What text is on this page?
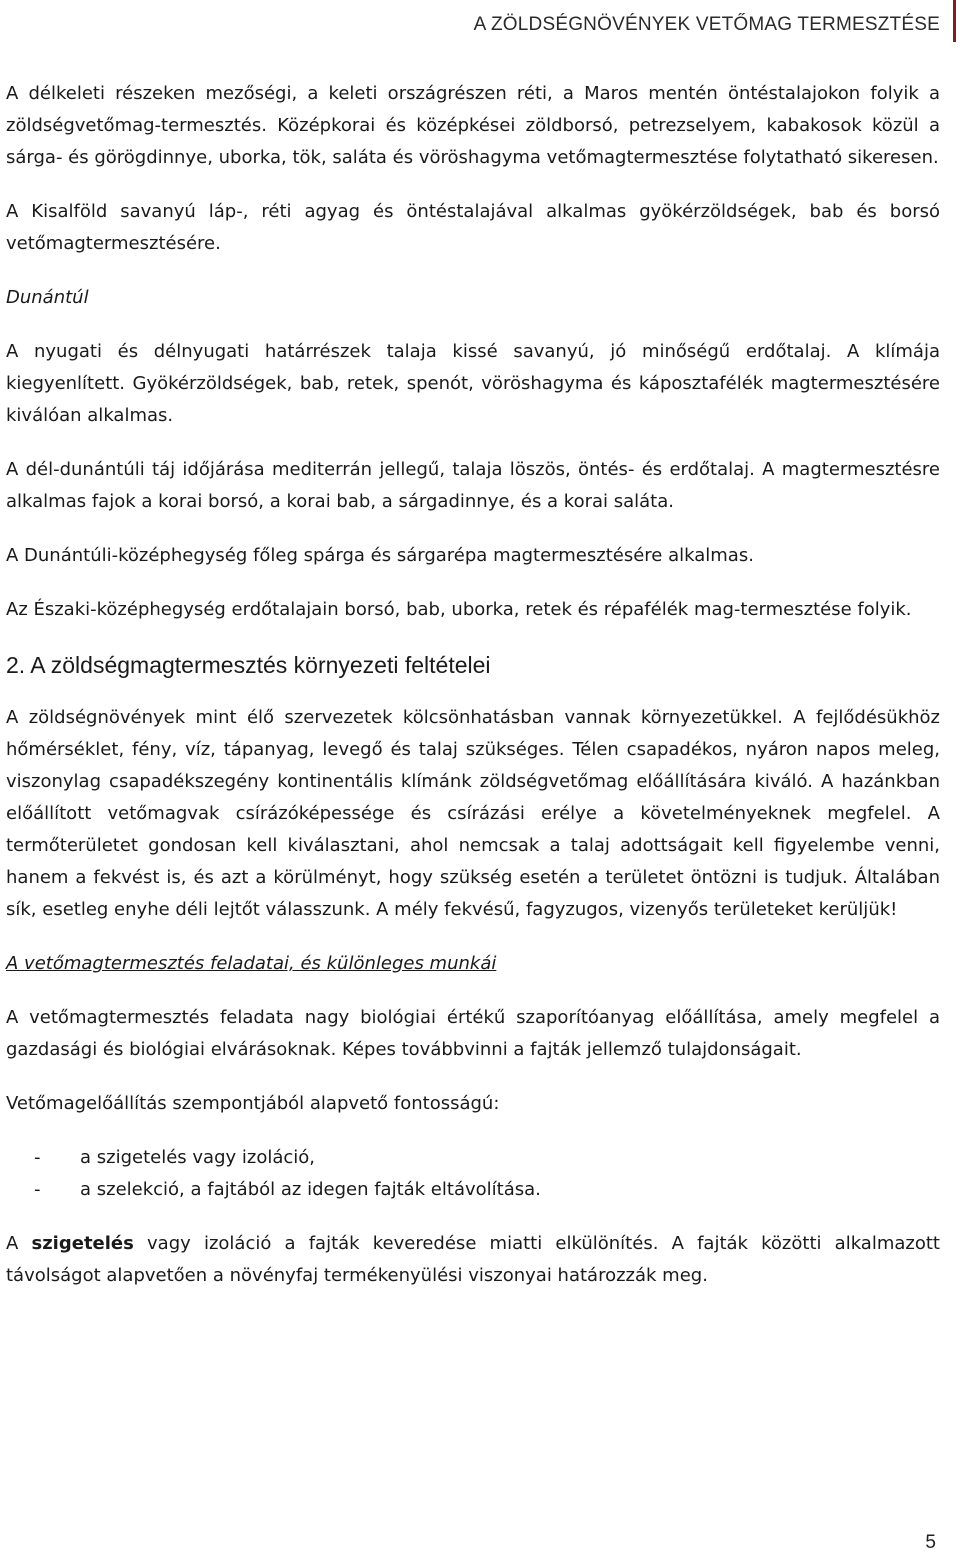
A ZÖLDSÉGNÖVÉNYEK VETŐMAG TERMESZTÉSE

A délkeleti részeken mezőségi, a keleti országrészen réti, a Maros mentén öntéstalajokon folyik a zöldségvetőmag-termesztés. Középkorai és középkései zöldborsó, petrezselyem, kabakosok közül a sárga- és görögdinnye, uborka, tök, saláta és vöröshagyma vetőmagtermesztése folytatható sikeresen.

A Kisalföld savanyú láp-, réti agyag és öntéstalajával alkalmas gyökérzöldségek, bab és borsó vetőmagtermesztésére.

Dunántúl

A nyugati és délnyugati határrészek talaja kissé savanyú, jó minőségű erdőtalaj. A klímája kiegyenlített. Gyökérzöldségek, bab, retek, spenót, vöröshagyma és káposztafélék magtermesztésére kiválóan alkalmas.

A dél-dunántúli táj időjárása mediterrán jellegű, talaja löszös, öntés- és erdőtalaj. A magtermesztésre alkalmas fajok a korai borsó, a korai bab, a sárgadinnye, és a korai saláta.

A Dunántúli-középhegység főleg spárga és sárgarépa magtermesztésére alkalmas.

Az Északi-középhegység erdőtalajain borsó, bab, uborka, retek és répafélék mag-termesztése folyik.

2. A zöldségmagtermesztés környezeti feltételei

A zöldségnövények mint élő szervezetek kölcsönhatásban vannak környezetükkel. A fejlődésükhöz hőmérséklet, fény, víz, tápanyag, levegő és talaj szükséges. Télen csapadékos, nyáron napos meleg, viszonylag csapadékszegény kontinentális klímánk zöldségvetőmag előállítására kiváló. A hazánkban előállított vetőmagvak csírázóképessége és csírázási erélye a követelményeknek megfelel. A termőterületet gondosan kell kiválasztani, ahol nemcsak a talaj adottságait kell figyelembe venni, hanem a fekvést is, és azt a körülményt, hogy szükség esetén a területet öntözni is tudjuk. Általában sík, esetleg enyhe déli lejtőt válasszunk. A mély fekvésű, fagyzugos, vizenyős területeket kerüljük!

A vetőmagtermesztés feladatai, és különleges munkái

A vetőmagtermesztés feladata nagy biológiai értékű szaporítóanyag előállítása, amely megfelel a gazdasági és biológiai elvárásoknak. Képes továbbvinni a fajták jellemző tulajdonságait.

Vetőmagelőállítás szempontjából alapvető fontosságú:

-	a szigetelés vagy izoláció,
-	a szelekció, a fajtából az idegen fajták eltávolítása.

A szigetelés vagy izoláció a fajták keveredése miatti elkülönítés. A fajták közötti alkalmazott távolságot alapvetően a növényfaj termékenyülési viszonyai határozzák meg.

5
